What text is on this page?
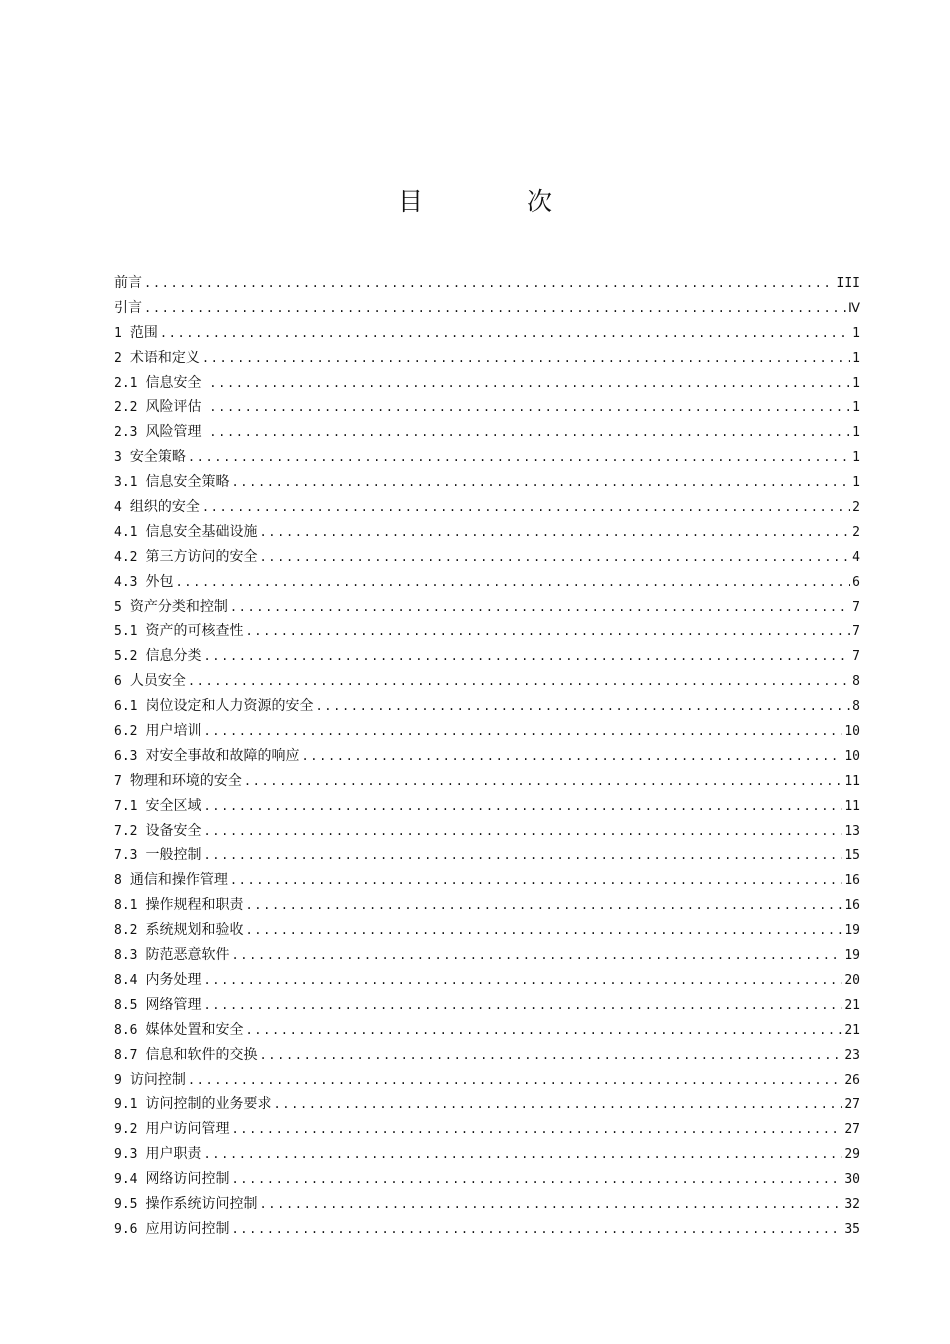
目 次
前言 .....	III
引言 .....	Ⅳ
1 范围 .....	1
2 术语和定义 .....	1
2.1 信息安全 .....	1
2.2 风险评估 .....	1
2.3 风险管理 .....	1
3 安全策略 .....	1
3.1 信息安全策略 .....	1
4 组织的安全 .....	2
4.1 信息安全基础设施 .....	2
4.2 第三方访问的安全 .....	4
4.3 外包 .....	6
5 资产分类和控制 .....	7
5.1 资产的可核查性 .....	7
5.2 信息分类 .....	7
6 人员安全 .....	8
6.1 岗位设定和人力资源的安全 .....	8
6.2 用户培训 .....	10
6.3 对安全事故和故障的响应 .....	10
7 物理和环境的安全 .....	11
7.1 安全区域 .....	11
7.2 设备安全 .....	13
7.3 一般控制 .....	15
8 通信和操作管理 .....	16
8.1 操作规程和职责 .....	16
8.2 系统规划和验收 .....	19
8.3 防范恶意软件 .....	19
8.4 内务处理 .....	20
8.5 网络管理 .....	21
8.6 媒体处置和安全 .....	21
8.7 信息和软件的交换 .....	23
9 访问控制 .....	26
9.1 访问控制的业务要求 .....	27
9.2 用户访问管理 .....	27
9.3 用户职责 .....	29
9.4 网络访问控制 .....	30
9.5 操作系统访问控制 .....	32
9.6 应用访问控制 .....	35
